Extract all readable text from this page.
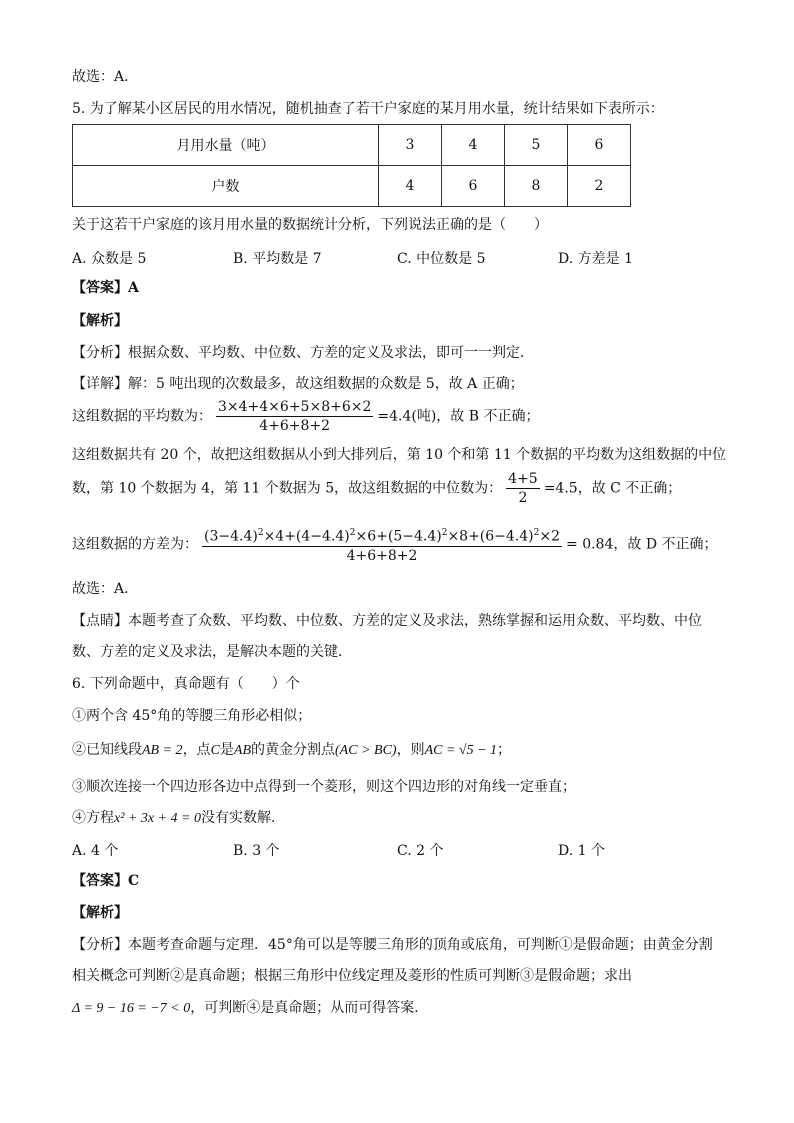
故选：A．
5. 为了解某小区居民的用水情况，随机抽查了若干户家庭的某月用水量，统计结果如下表所示：
月用水量（吨）	3	4	5	6
户数	4	6	8	2
关于这若干户家庭的该月用水量的数据统计分析，下列说法正确的是（　　）
A. 众数是 5	B. 平均数是 7	C. 中位数是 5	D. 方差是 1
【答案】A
【解析】
【分析】根据众数、平均数、中位数、方差的定义及求法，即可一一判定．
【详解】解：5 吨出现的次数最多，故这组数据的众数是 5，故 A 正确；
这组数据的平均数为： $\frac{3\times 4+4\times 6+5\times 8+6\times 2}{4+6+8+2} =4.4$(吨)，故 B 不正确；
这组数据共有 20 个，故把这组数据从小到大排列后，第 10 个和第 11 个数据的平均数为这组数据的中位
数，第 10 个数据为 4，第 11 个数据为 5，故这组数据的中位数为： $\frac{4+5}{2} =4.5$，故 C 不正确；
这组数据的方差为： $\frac{(3-4.4)^2\times 4+(4-4.4)^2\times 6+(5-4.4)^2\times 8+(6-4.4)^2\times 2}{4+6+8+2} = 0.84$，故 D 不正确；
故选：A．
【点睛】本题考查了众数、平均数、中位数、方差的定义及求法，熟练掌握和运用众数、平均数、中位
数、方差的定义及求法，是解决本题的关键．
6. 下列命题中，真命题有（　　）个
①两个含 45°角的等腰三角形必相似；
②已知线段AB = 2，点C是AB的黄金分割点(AC > BC)，则AC = √5 − 1；
③顺次连接一个四边形各边中点得到一个菱形，则这个四边形的对角线一定垂直；
④方程x² + 3x + 4 = 0没有实数解．
A. 4 个	B. 3 个	C. 2 个	D. 1 个
【答案】C
【解析】
【分析】本题考查命题与定理．45°角可以是等腰三角形的顶角或底角，可判断①是假命题；由黄金分割
相关概念可判断②是真命题；根据三角形中位线定理及菱形的性质可判断③是假命题；求出
Δ = 9 − 16 = −7 < 0，可判断④是真命题；从而可得答案．
